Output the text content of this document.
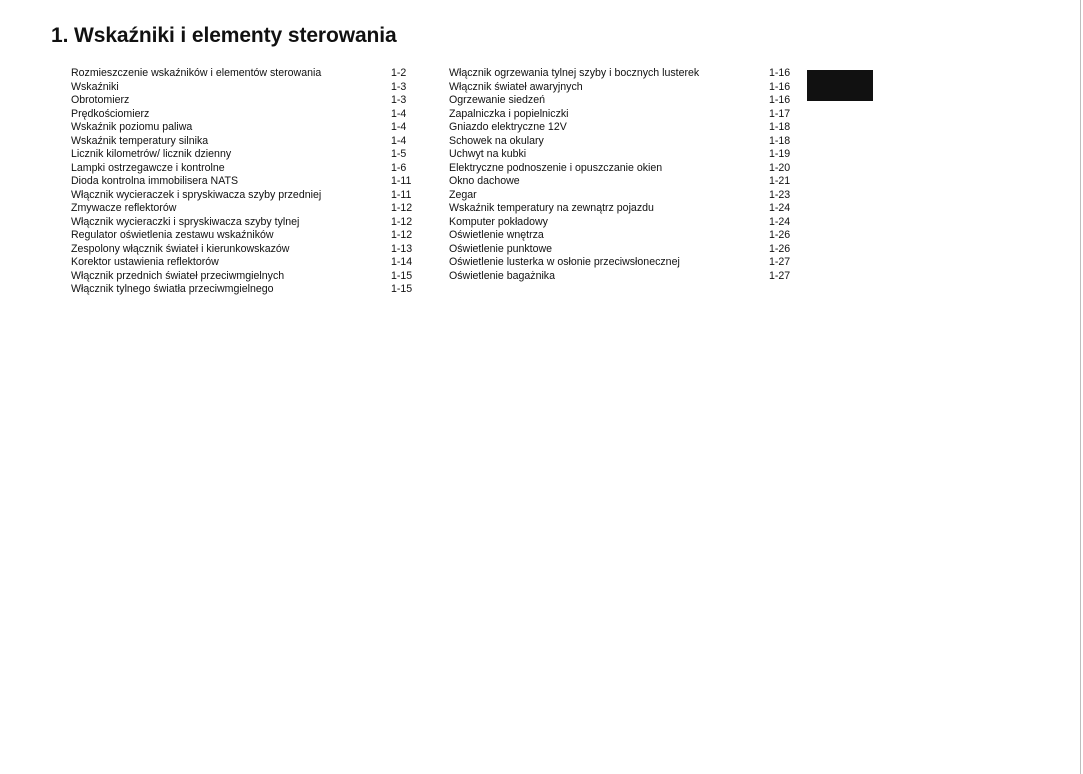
1. Wskaźniki i elementy sterowania
Rozmieszczenie wskaźników i elementów sterowania	1-2
Wskaźniki	1-3
Obrotomierz	1-3
Prędkościomierz	1-4
Wskaźnik poziomu paliwa	1-4
Wskaźnik temperatury silnika	1-4
Licznik kilometrów/ licznik dzienny	1-5
Lampki ostrzegawcze i kontrolne	1-6
Dioda kontrolna immobilisera NATS	1-11
Włącznik wycieraczek i spryskiwacza szyby przedniej	1-11
Zmywacze reflektorów	1-12
Włącznik wycieraczki i spryskiwacza szyby tylnej	1-12
Regulator oświetlenia zestawu wskaźników	1-12
Zespolony włącznik świateł i kierunkowskazów	1-13
Korektor ustawienia reflektorów	1-14
Włącznik przednich świateł przeciwmgielnych	1-15
Włącznik tylnego światła przeciwmgielnego	1-15
Włącznik ogrzewania tylnej szyby i bocznych lusterek	1-16
Włącznik świateł awaryjnych	1-16
Ogrzewanie siedzeń	1-16
Zapalniczka i popielniczki	1-17
Gniazdo elektryczne 12V	1-18
Schowek na okulary	1-18
Uchwyt na kubki	1-19
Elektryczne podnoszenie i opuszczanie okien	1-20
Okno dachowe	1-21
Zegar	1-23
Wskaźnik temperatury na zewnątrz pojazdu	1-24
Komputer pokładowy	1-24
Oświetlenie wnętrza	1-26
Oświetlenie punktowe	1-26
Oświetlenie lusterka w osłonie przeciwsłonecznej	1-27
Oświetlenie bagażnika	1-27
